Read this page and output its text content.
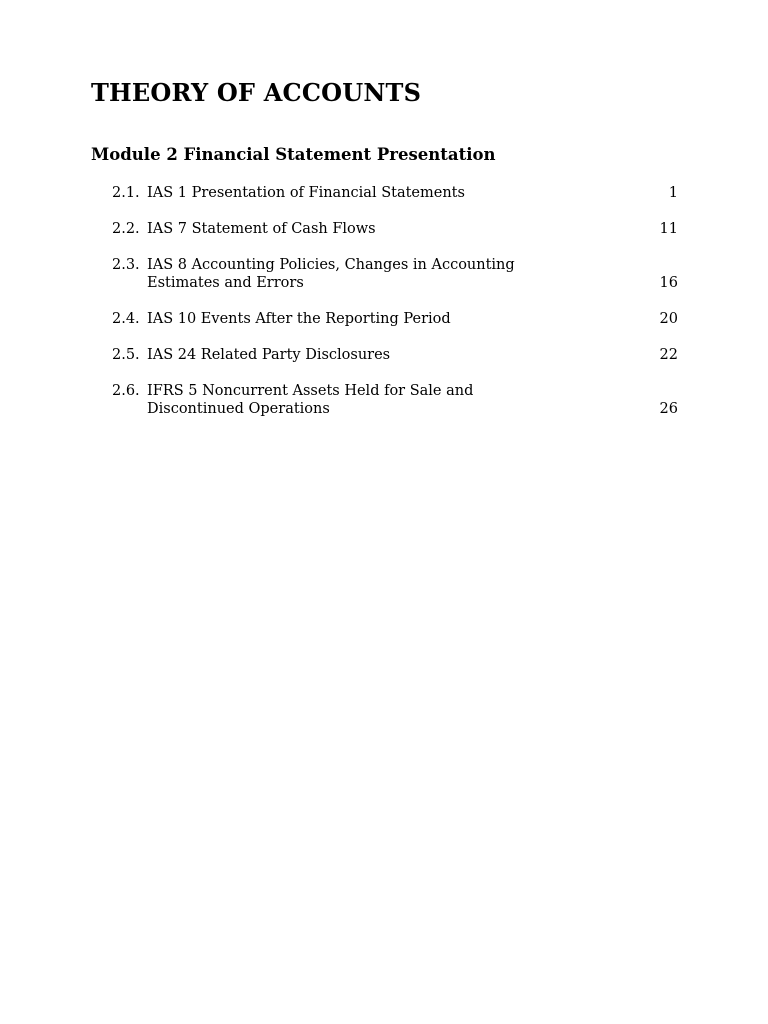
THEORY OF ACCOUNTS
Module 2 Financial Statement Presentation
2.1. IAS 1 Presentation of Financial Statements	1
2.2. IAS 7 Statement of Cash Flows	11
2.3. IAS 8 Accounting Policies, Changes in Accounting
Estimates and Errors	16
2.4. IAS 10 Events After the Reporting Period	20
2.5. IAS 24 Related Party Disclosures	22
2.6. IFRS 5 Noncurrent Assets Held for Sale and
Discontinued Operations	26
